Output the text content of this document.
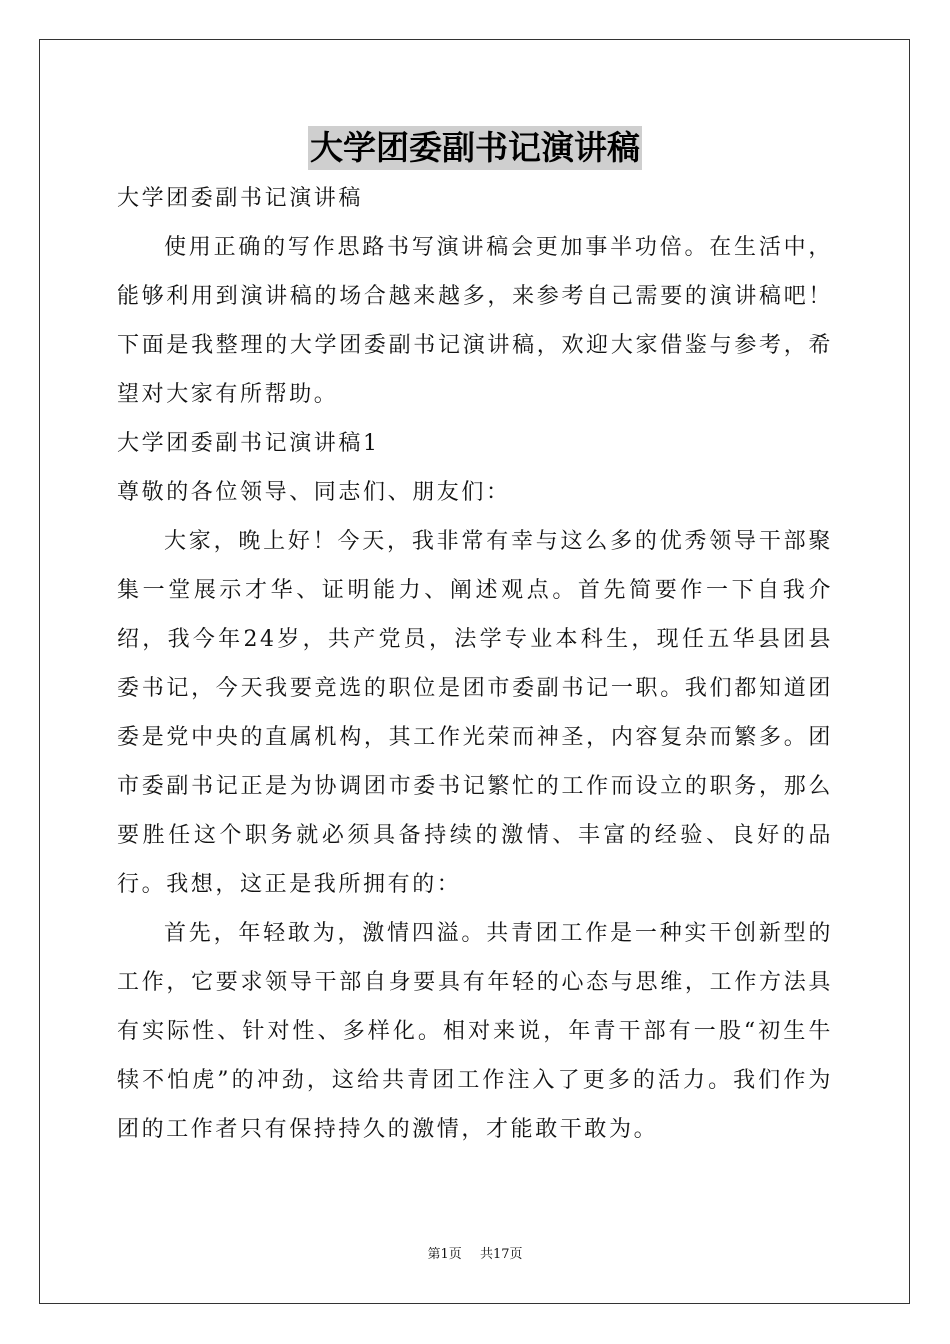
大学团委副书记演讲稿

大学团委副书记演讲稿

使用正确的写作思路书写演讲稿会更加事半功倍。在生活中，能够利用到演讲稿的场合越来越多，来参考自己需要的演讲稿吧！下面是我整理的大学团委副书记演讲稿，欢迎大家借鉴与参考，希望对大家有所帮助。

大学团委副书记演讲稿1

尊敬的各位领导、同志们、朋友们：

大家，晚上好！今天，我非常有幸与这么多的优秀领导干部聚集一堂展示才华、证明能力、阐述观点。首先简要作一下自我介绍，我今年24岁，共产党员，法学专业本科生，现任五华县团县委书记，今天我要竞选的职位是团市委副书记一职。我们都知道团委是党中央的直属机构，其工作光荣而神圣，内容复杂而繁多。团市委副书记正是为协调团市委书记繁忙的工作而设立的职务，那么要胜任这个职务就必须具备持续的激情、丰富的经验、良好的品行。我想，这正是我所拥有的：

首先，年轻敢为，激情四溢。共青团工作是一种实干创新型的工作，它要求领导干部自身要具有年轻的心态与思维，工作方法具有实际性、针对性、多样化。相对来说，年青干部有一股“初生牛犊不怕虎”的冲劲，这给共青团工作注入了更多的活力。我们作为团的工作者只有保持持久的激情，才能敢干敢为。

第1页 共17页
